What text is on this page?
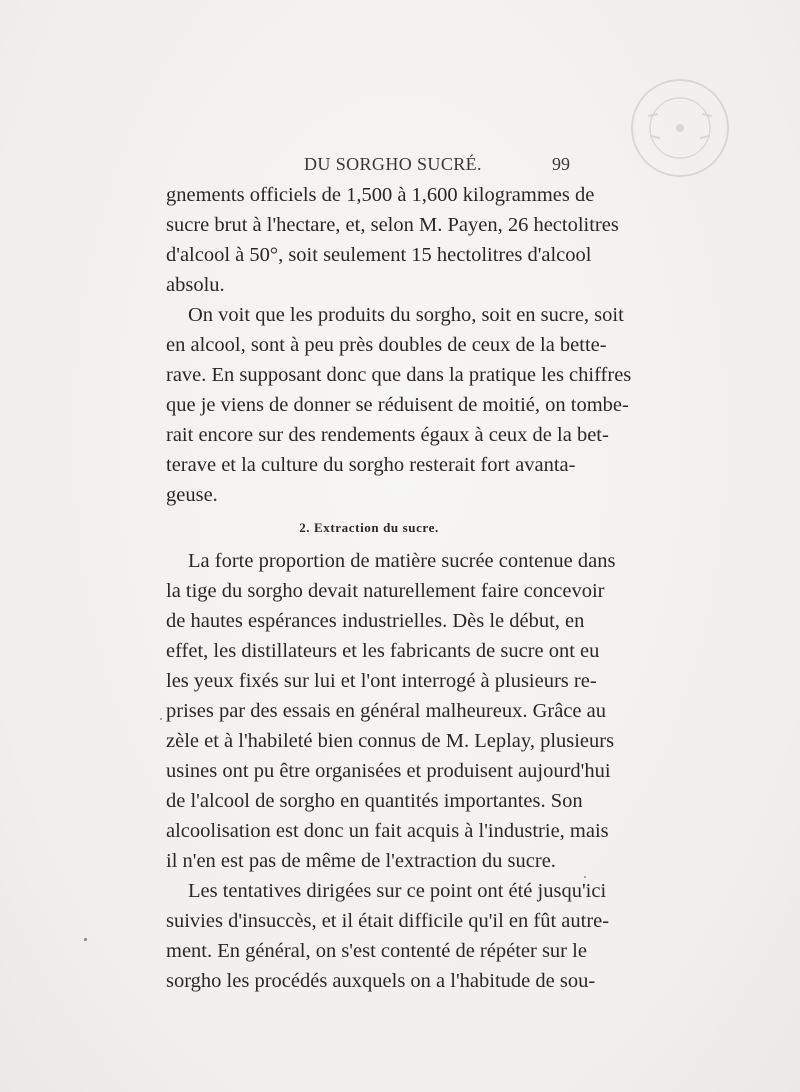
DU SORGHO SUCRÉ.	99
gnements officiels de 1,500 à 1,600 kilogrammes de
sucre brut à l'hectare, et, selon M. Payen, 26 hectolitres
d'alcool à 50°, soit seulement 15 hectolitres d'alcool
absolu.
On voit que les produits du sorgho, soit en sucre, soit
en alcool, sont à peu près doubles de ceux de la bette-
rave. En supposant donc que dans la pratique les chiffres
que je viens de donner se réduisent de moitié, on tombe-
rait encore sur des rendements égaux à ceux de la bet-
terave et la culture du sorgho resterait fort avanta-
geuse.
2. Extraction du sucre.
La forte proportion de matière sucrée contenue dans
la tige du sorgho devait naturellement faire concevoir
de hautes espérances industrielles. Dès le début, en
effet, les distillateurs et les fabricants de sucre ont eu
les yeux fixés sur lui et l'ont interrogé à plusieurs re-
prises par des essais en général malheureux. Grâce au
zèle et à l'habileté bien connus de M. Leplay, plusieurs
usines ont pu être organisées et produisent aujourd'hui
de l'alcool de sorgho en quantités importantes. Son
alcoolisation est donc un fait acquis à l'industrie, mais
il n'en est pas de même de l'extraction du sucre.
Les tentatives dirigées sur ce point ont été jusqu'ici
suivies d'insuccès, et il était difficile qu'il en fût autre-
ment. En général, on s'est contenté de répéter sur le
sorgho les procédés auxquels on a l'habitude de sou-
